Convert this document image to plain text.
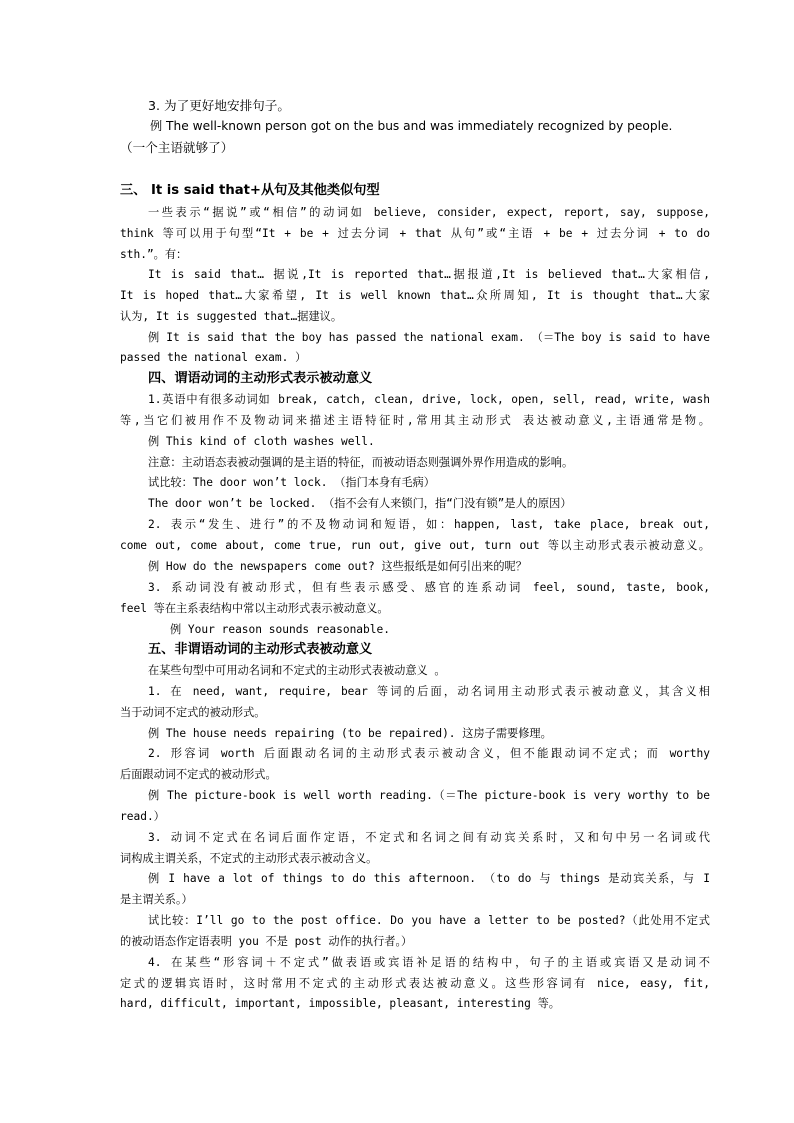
3. 为了更好地安排句子。
例 The well-known person got on the bus and was immediately recognized by people.
（一个主语就够了）
三、 It is said that+从句及其他类似句型
一些表示“据说”或“相信”的动词如 believe, consider, expect, report, say, suppose,
think 等可以用于句型“It + be + 过去分词 + that 从句”或“主语 + be + 过去分词 + to do
sth.”。有：
It is said that… 据说,It is reported that…据报道,It is believed that…大家相信,
It is hoped that…大家希望, It is well known that…众所周知, It is thought that…大家
认为, It is suggested that…据建议。
例 It is said that the boy has passed the national exam. （＝The boy is said to have
passed the national exam. ）
四、谓语动词的主动形式表示被动意义
1.英语中有很多动词如 break, catch, clean, drive, lock, open, sell, read, write, wash
等,当它们被用作不及物动词来描述主语特征时,常用其主动形式 表达被动意义,主语通常是物。
例 This kind of cloth washes well.
注意：主动语态表被动强调的是主语的特征，而被动语态则强调外界作用造成的影响。
试比较：The door won’t lock. （指门本身有毛病）
The door won’t be locked. （指不会有人来锁门，指“门没有锁”是人的原因）
2. 表示“发生、进行”的不及物动词和短语，如：happen, last, take place, break out,
come out, come about, come true, run out, give out, turn out 等以主动形式表示被动意义。
例 How do the newspapers come out? 这些报纸是如何引出来的呢？
3. 系动词没有被动形式，但有些表示感受、感官的连系动词 feel, sound, taste, book,
feel 等在主系表结构中常以主动形式表示被动意义。
例 Your reason sounds reasonable.
五、非谓语动词的主动形式表被动意义
在某些句型中可用动名词和不定式的主动形式表被动意义 。
1. 在 need, want, require, bear 等词的后面，动名词用主动形式表示被动意义，其含义相
当于动词不定式的被动形式。
例 The house needs repairing (to be repaired). 这房子需要修理。
2. 形容词 worth 后面跟动名词的主动形式表示被动含义，但不能跟动词不定式；而 worthy
后面跟动词不定式的被动形式。
例 The picture-book is well worth reading.（＝The picture-book is very worthy to be
read.）
3. 动词不定式在名词后面作定语，不定式和名词之间有动宾关系时，又和句中另一名词或代
词构成主谓关系，不定式的主动形式表示被动含义。
例 I have a lot of things to do this afternoon. （to do 与 things 是动宾关系，与 I
是主谓关系。）
试比较：I’ll go to the post office. Do you have a letter to be posted?（此处用不定式
的被动语态作定语表明 you 不是 post 动作的执行者。）
4. 在某些“形容词＋不定式”做表语或宾语补足语的结构中，句子的主语或宾语又是动词不
定式的逻辑宾语时，这时常用不定式的主动形式表达被动意义。这些形容词有 nice, easy, fit,
hard, difficult, important, impossible, pleasant, interesting 等。
